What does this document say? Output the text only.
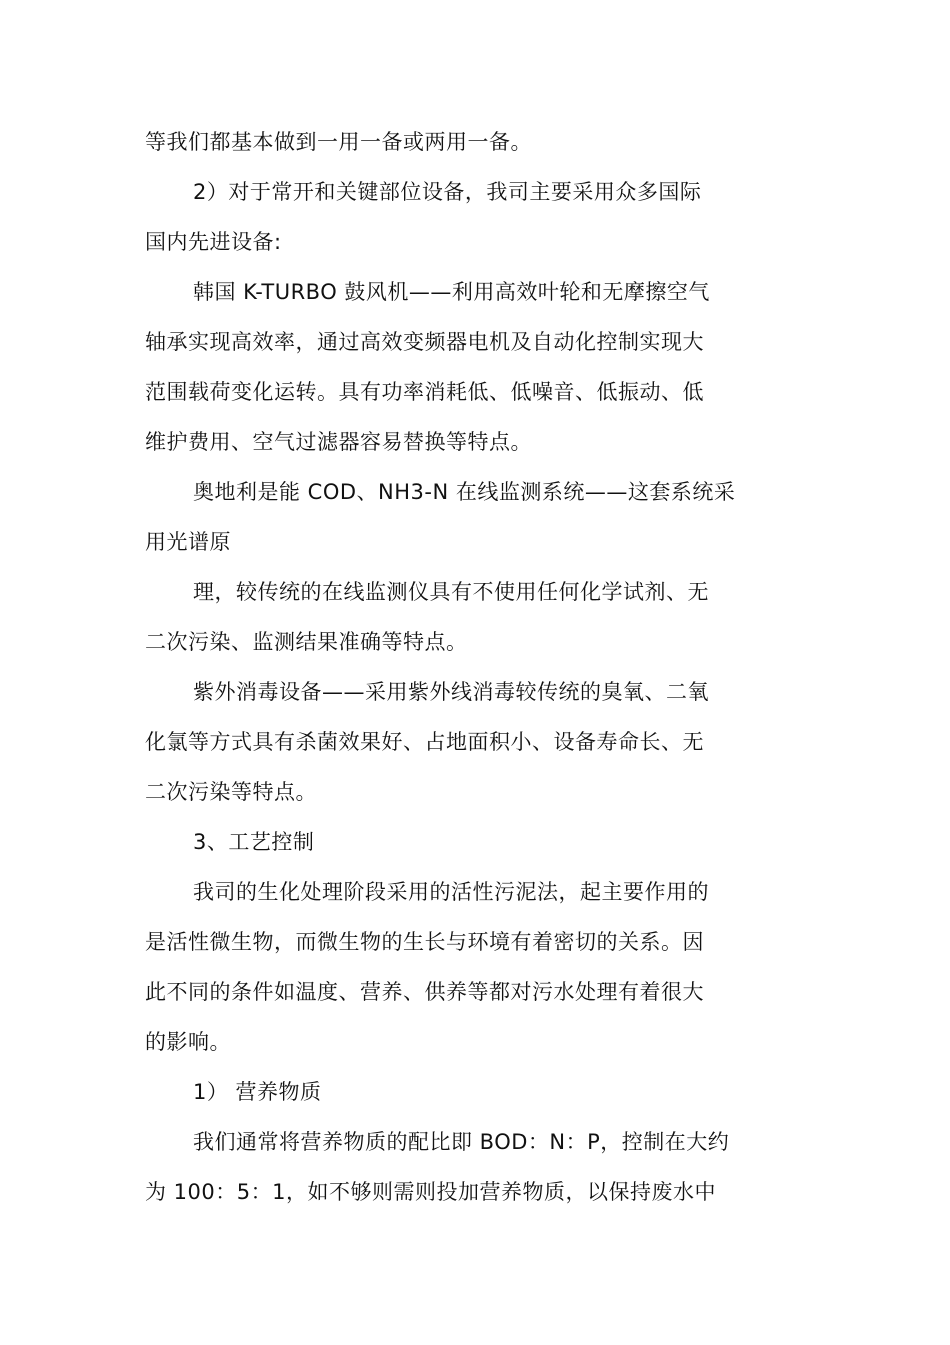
等我们都基本做到一用一备或两用一备。
2）对于常开和关键部位设备，我司主要采用众多国际
国内先进设备:
韩国 K-TURBO 鼓风机——利用高效叶轮和无摩擦空气
轴承实现高效率，通过高效变频器电机及自动化控制实现大
范围载荷变化运转。具有功率消耗低、低噪音、低振动、低
维护费用、空气过滤器容易替换等特点。
奥地利是能 COD、NH3-N 在线监测系统——这套系统采
用光谱原
理，较传统的在线监测仪具有不使用任何化学试剂、无
二次污染、监测结果准确等特点。
紫外消毒设备——采用紫外线消毒较传统的臭氧、二氧
化氯等方式具有杀菌效果好、占地面积小、设备寿命长、无
二次污染等特点。
3、工艺控制
我司的生化处理阶段采用的活性污泥法，起主要作用的
是活性微生物，而微生物的生长与环境有着密切的关系。因
此不同的条件如温度、营养、供养等都对污水处理有着很大
的影响。
1） 营养物质
我们通常将营养物质的配比即 BOD：N：P，控制在大约
为 100：5：1，如不够则需则投加营养物质，以保持废水中
